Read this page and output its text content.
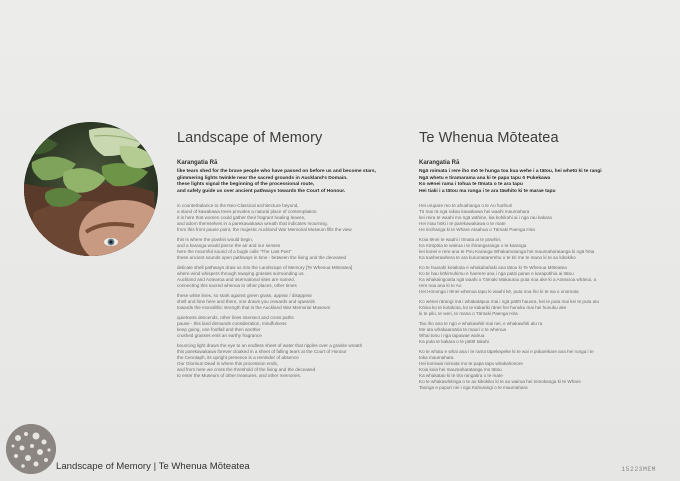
Landscape of Memory
Karangatia Rā
like tears shed for the brave people who have passed on before us and become stars,
glimmering lights twinkle near the sacred grounds in Auckland’s Domain.
these lights signal the beginning of the processional route,
and safely guide us over ancient pathways towards the Court of Honour.
in counterbalance to the Neo-Classical architecture beyond,
a stand of kawakawa trees provides a natural place of contemplation.
it is here that women could gather their fragrant healing leaves,
and adorn themselves in a parekawakawa wreath that indicates mourning.
from this front pause point, the majestic Auckland War Memorial Museum fills the view
this is where the powhiri would begin,
and a karanga would pierce the air and our senses
here the mournful sound of a bugle calls “The Last Post”
these ancient sounds open pathways in time - between the living and the deceased
delicate shell pathways draw us into the Landscape of Memory [Te Whenua Mōteatea]
where wind whispers through swaying grasses surrounding us.
Auckland and Aotearoa and international sites are named,
connecting this sacred whenua to other places, other times
these white lines, so stark against green grass, appear / disappear
shell and lime here and there, one draws you onwards and upwards
towards the monolithic strength that is the Auckland War Memorial Museum
quietness descends, other lines intersect and cross paths
pause - this land demands consideration, mindfulness
keep going, one footfall and then another
crushed grasses emit an earthy fragrance
bouncing light draws the eye to an endless sheet of water that ripples over a granite wreath
this parekawakawa forever cloaked in a sheet of falling tears at the Court of Honour
the Cenotaph, its upright presence is a reminder of absence
Our Glorious Dead is where this procession ends,
and from here we cross the threshold of the living and the deceased
to enter the Museum of other treasures, and other memories.
Te Whenua Mōteatea
Karangatia Rā
Ngā roimata i rere iho mō te hunga toa kua wehe i a tātou, hei whetū ki te rangi
Ngā whetu e tiramarama ana ki te papa tapu ō Pukekawa
Ko wēnei rama i tohua te tīmata o te ara tapu
Hei tiaki i a tātou ma runga i te ara tāwhito ki te marae tapu
Hei urupare mo te ahuahanga o te Ao hurihuri
Tū mai rā ngā rakau kawakawa hei waahi maumahara
kei reira te waahi mo ngā wāhine, kia kohikohi ai i nga rau kakara
Hei mau hōki i te parekawakawa o te mate
He tirohanga ki te Whare Ataahua o Tāmaki Paenga Hira
Koia tēnei te waahi i tīmata ai te pōwhiri,
Ka rūrūpōia te wairua i te ihirangaranga o te karanga
kei konei e rere ana te Pou Karanga Whakamutunga hei maumaharatanga ki ngā hōia
Ka tuwherawhera te ara kurumatarerehu o te tiri me te mano ki te ao kikokiko
Ko te huarahi kotakota e whakahahaki ana tātou ki Te Whenua Mōteatea
Ko te hau kōhimuhimu e haerere ana i nga patiti parae e karapotihia ai tātou
Ka whakaingoatia ngā waahi o Tāmaki Makaurau puta noa ake ki a Aotearoa whānui, a
rere noa ana ki te Ao
Hei Hononga i tēnei whenua tapu ki waahi kē, puta noa iho ki te wa o onamata
Ko wēnei rārangi mā i whakatāpua mai i ngā pātītī hauora, kei te puta mai kei te puta atu
Kōina ko te kotakota, ko te kakariki rānei hei hunuku mai hei hunuku ake
ki te piki, te weri, te mana o Tāmaki Paenga Hira
Tau iho ana te ngū e whakawhiti mai nei, e whakawhiti atu ra
Me ata whakaaroāria te mauri o te whenua
Whai tonu i nga tapuwae wairua
Ka puta te kakara o te pātītī takahi
Ko te whatu e whai ana i te rama tāpekepeke ki te wai e pūkarekare ana hei runga i te
toka maumahara
Hei korowai roimata mo te papa tapu whakahonore
Koia koia hei maumaharatanga mo tātou
Ka whakatau ki te tira rangatira o te mate
Ko te whakawhitinga o te ao kikokiko ki te ao wairua hei tomokanga ki te Whare
Taonga e pupuri nei i nga Kahurangi o te maumahara
Landscape of Memory | Te Whenua Mōteatea	15223MEM
